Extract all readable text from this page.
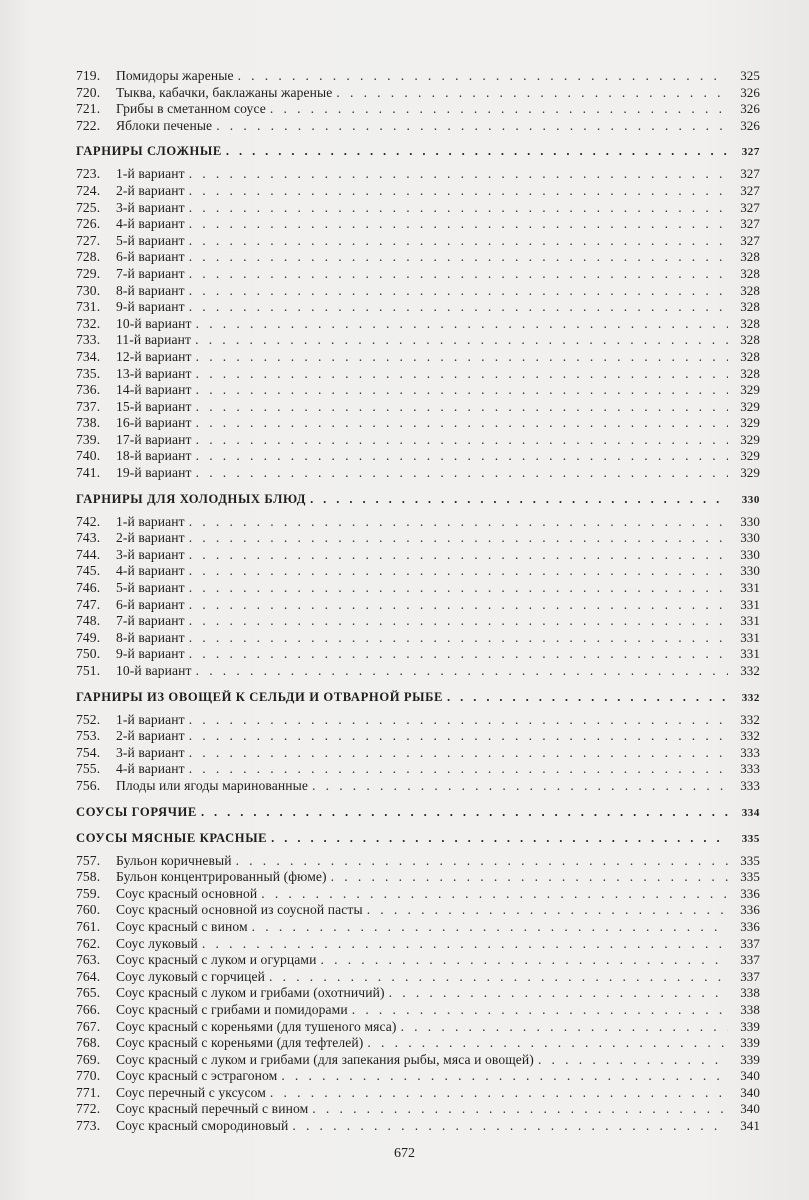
719.	Помидоры жареные . . .	325
720.	Тыква, кабачки, баклажаны жареные . . .	326
721.	Грибы в сметанном соусе . . .	326
722.	Яблоки печеные . . .	326
ГАРНИРЫ СЛОЖНЫЕ . . .	327
723.	1-й вариант . . .	327
724.	2-й вариант . . .	327
725.	3-й вариант . . .	327
726.	4-й вариант . . .	327
727.	5-й вариант . . .	327
728.	6-й вариант . . .	328
729.	7-й вариант . . .	328
730.	8-й вариант . . .	328
731.	9-й вариант . . .	328
732.	10-й вариант . . .	328
733.	11-й вариант . . .	328
734.	12-й вариант . . .	328
735.	13-й вариант . . .	328
736.	14-й вариант . . .	329
737.	15-й вариант . . .	329
738.	16-й вариант . . .	329
739.	17-й вариант . . .	329
740.	18-й вариант . . .	329
741.	19-й вариант . . .	329
ГАРНИРЫ ДЛЯ ХОЛОДНЫХ БЛЮД . . .	330
742.	1-й вариант . . .	330
743.	2-й вариант . . .	330
744.	3-й вариант . . .	330
745.	4-й вариант . . .	330
746.	5-й вариант . . .	331
747.	6-й вариант . . .	331
748.	7-й вариант . . .	331
749.	8-й вариант . . .	331
750.	9-й вариант . . .	331
751.	10-й вариант . . .	332
ГАРНИРЫ ИЗ ОВОЩЕЙ К СЕЛЬДИ И ОТВАРНОЙ РЫБЕ . . .	332
752.	1-й вариант . . .	332
753.	2-й вариант . . .	332
754.	3-й вариант . . .	333
755.	4-й вариант . . .	333
756.	Плоды или ягоды маринованные . . .	333
СОУСЫ ГОРЯЧИЕ . . .	334
СОУСЫ МЯСНЫЕ КРАСНЫЕ . . .	335
757.	Бульон коричневый . . .	335
758.	Бульон концентрированный (фюме) . . .	335
759.	Соус красный основной . . .	336
760.	Соус красный основной из соусной пасты . . .	336
761.	Соус красный с вином . . .	336
762.	Соус луковый . . .	337
763.	Соус красный с луком и огурцами . . .	337
764.	Соус луковый с горчицей . . .	337
765.	Соус красный с луком и грибами (охотничий) . . .	338
766.	Соус красный с грибами и помидорами . . .	338
767.	Соус красный с кореньями (для тушеного мяса) . . .	339
768.	Соус красный с кореньями (для тефтелей) . . .	339
769.	Соус красный с луком и грибами (для запекания рыбы, мяса и овощей) . . .	339
770.	Соус красный с эстрагоном . . .	340
771.	Соус перечный с уксусом . . .	340
772.	Соус красный перечный с вином . . .	340
773.	Соус красный смородиновый . . .	341
672
